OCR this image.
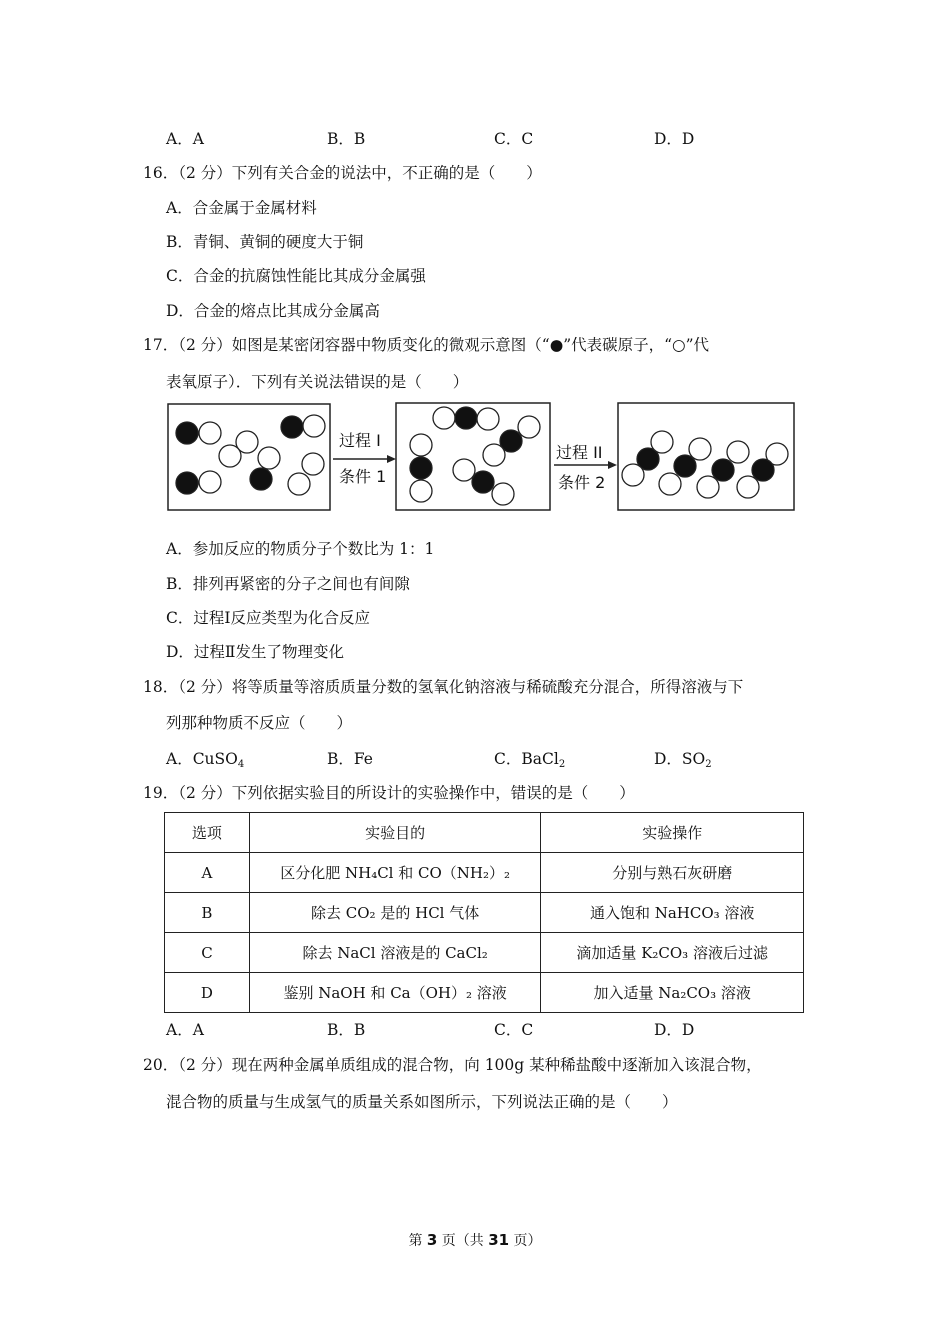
A．A	B．B	C．C	D．D
16．（2 分）下列有关合金的说法中，不正确的是（　　）
A．合金属于金属材料
B．青铜、黄铜的硬度大于铜
C．合金的抗腐蚀性能比其成分金属强
D．合金的熔点比其成分金属高
17．（2 分）如图是某密闭容器中物质变化的微观示意图（“●”代表碳原子，“○”代
表氧原子）．下列有关说法错误的是（　　）
过程 I
条件 1
过程 II
条件 2
A．参加反应的物质分子个数比为 1：1
B．排列再紧密的分子之间也有间隙
C．过程Ⅰ反应类型为化合反应
D．过程Ⅱ发生了物理变化
18．（2 分）将等质量等溶质质量分数的氢氧化钠溶液与稀硫酸充分混合，所得溶液与下
列那种物质不反应（　　）
A．CuSO$_4$	B．Fe	C．BaCl$_2$	D．$SO_2$
19．（2 分）下列依据实验目的所设计的实验操作中，错误的是（　　）
选项	实验目的	实验操作
A	区分化肥 NH₄Cl 和 CO（NH₂）₂	分别与熟石灰研磨
B	除去 CO₂ 是的 HCl 气体	通入饱和 NaHCO₃ 溶液
C	除去 NaCl 溶液是的 CaCl₂	滴加适量 K₂CO₃ 溶液后过滤
D	鉴别 NaOH 和 Ca（OH）₂ 溶液	加入适量 Na₂CO₃ 溶液
A．A	B．B	C．C	D．D
20．（2 分）现在两种金属单质组成的混合物，向 100g 某种稀盐酸中逐渐加入该混合物，
混合物的质量与生成氢气的质量关系如图所示，下列说法正确的是（　　）
第 3 页（共 31 页）
